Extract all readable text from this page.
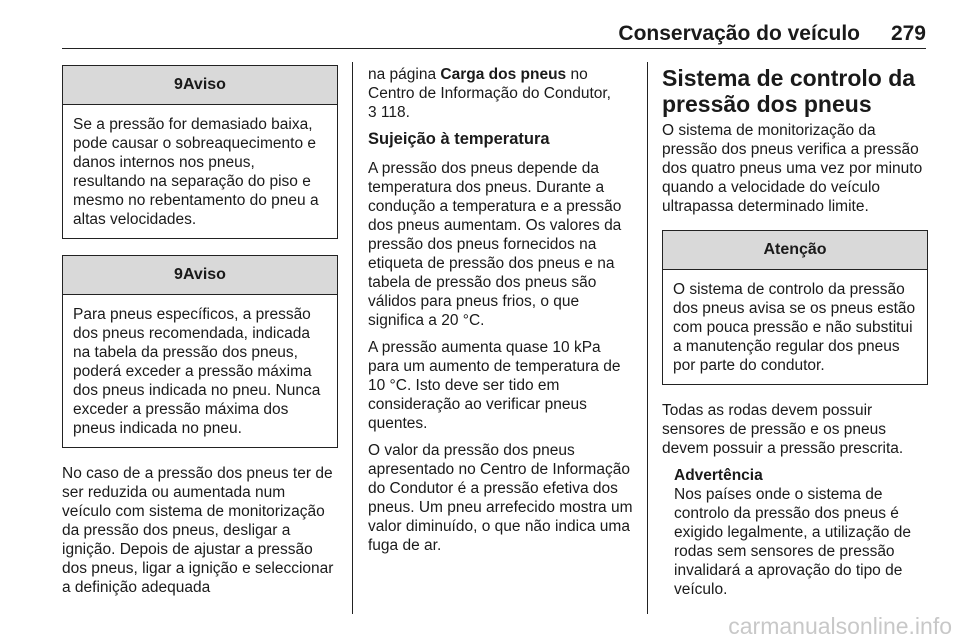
Conservação do veículo 279
9Aviso
Se a pressão for demasiado baixa, pode causar o sobreaquecimento e danos internos nos pneus, resultando na separação do piso e mesmo no rebentamento do pneu a altas velocidades.
9Aviso
Para pneus específicos, a pressão dos pneus recomendada, indicada na tabela da pressão dos pneus, poderá exceder a pressão máxima dos pneus indicada no pneu. Nunca exceder a pressão máxima dos pneus indicada no pneu.

No caso de a pressão dos pneus ter de ser reduzida ou aumentada num veículo com sistema de monitorização da pressão dos pneus, desligar a ignição. Depois de ajustar a pressão dos pneus, ligar a ignição e seleccionar a definição adequada

na página Carga dos pneus no Centro de Informação do Condutor,
3 118.

Sujeição à temperatura

A pressão dos pneus depende da temperatura dos pneus. Durante a condução a temperatura e a pressão dos pneus aumentam. Os valores da pressão dos pneus fornecidos na etiqueta de pressão dos pneus e na tabela de pressão dos pneus são válidos para pneus frios, o que significa a 20 °C.

A pressão aumenta quase 10 kPa para um aumento de temperatura de 10 °C. Isto deve ser tido em consideração ao verificar pneus quentes.

O valor da pressão dos pneus apresentado no Centro de Informação do Condutor é a pressão efetiva dos pneus. Um pneu arrefecido mostra um valor diminuído, o que não indica uma fuga de ar.

Sistema de controlo da pressão dos pneus

O sistema de monitorização da pressão dos pneus verifica a pressão dos quatro pneus uma vez por minuto quando a velocidade do veículo ultrapassa determinado limite.

Atenção
O sistema de controlo da pressão dos pneus avisa se os pneus estão com pouca pressão e não substitui a manutenção regular dos pneus por parte do condutor.

Todas as rodas devem possuir sensores de pressão e os pneus devem possuir a pressão prescrita.

Advertência
Nos países onde o sistema de controlo da pressão dos pneus é exigido legalmente, a utilização de rodas sem sensores de pressão invalidará a aprovação do tipo de veículo.
carmanualsonline.info
